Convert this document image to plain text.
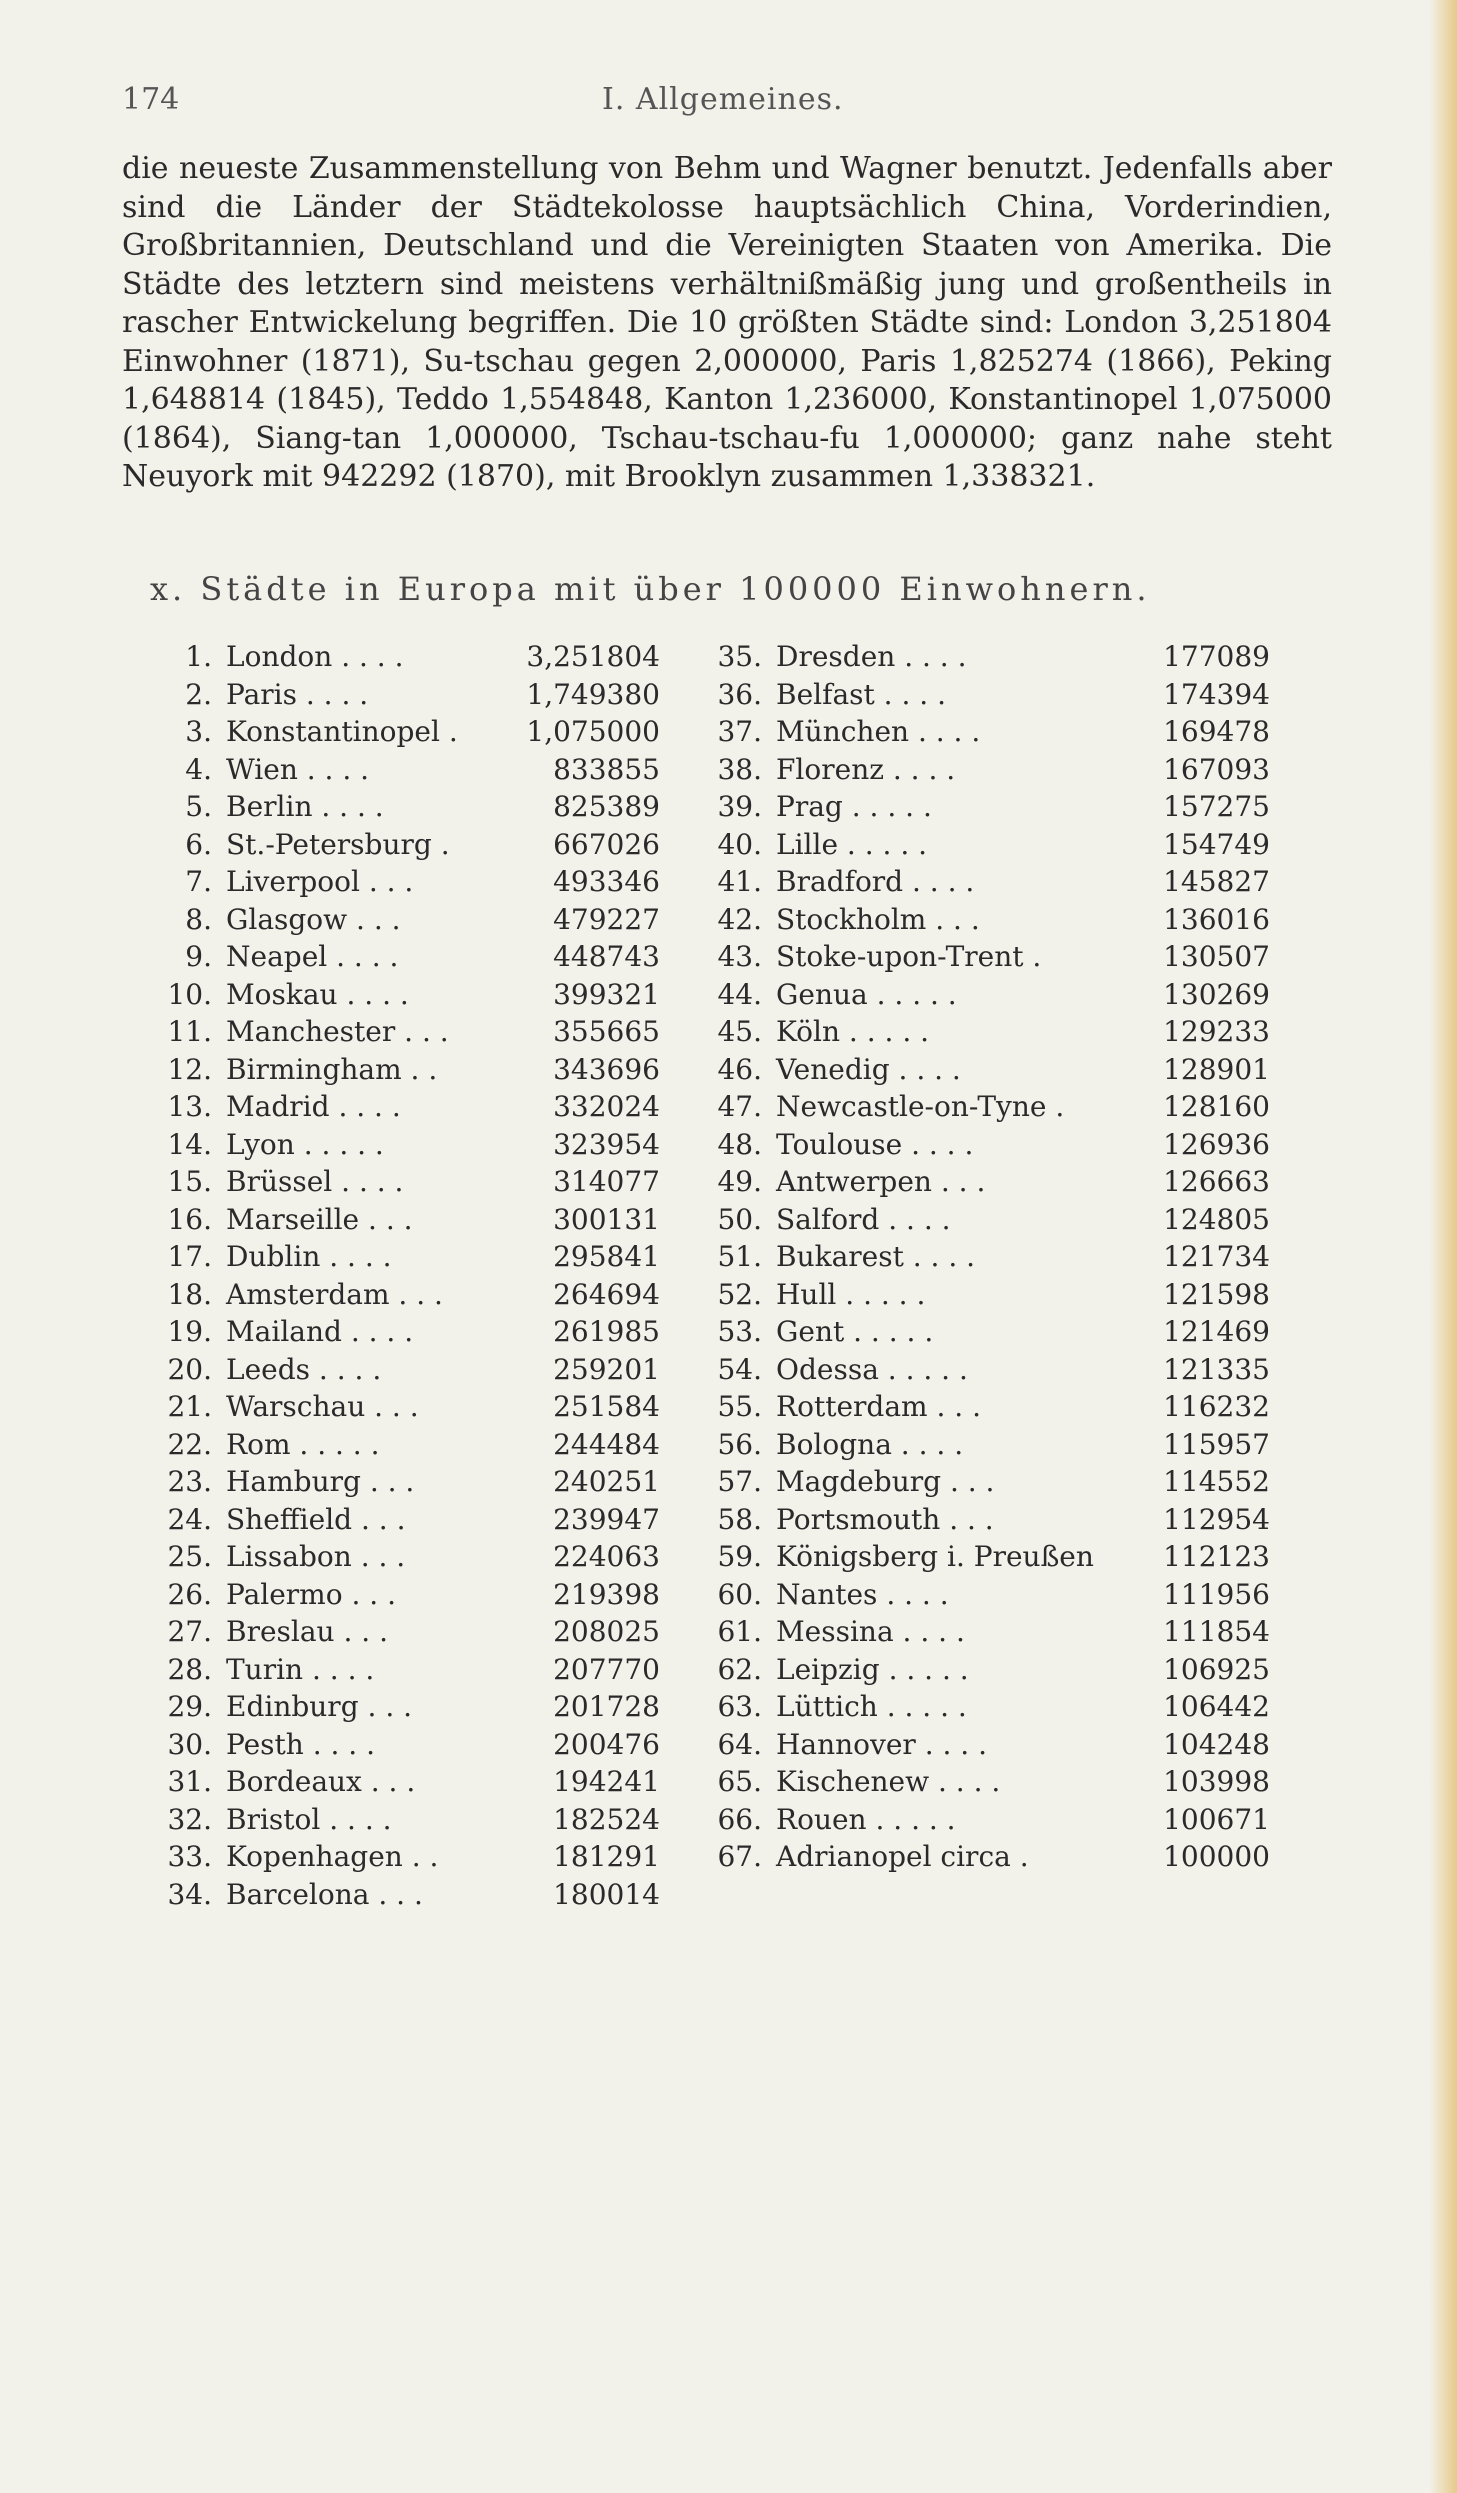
174	I. Allgemeines.
die neueste Zusammenstellung von Behm und Wagner benutzt. Jedenfalls aber sind die Länder der Städtekolosse hauptsächlich China, Vorderindien, Großbritannien, Deutschland und die Vereinigten Staaten von Amerika. Die Städte des letztern sind meistens verhältnißmäßig jung und großentheils in rascher Entwickelung begriffen. Die 10 größten Städte sind: London 3,251804 Einwohner (1871), Su-tschau gegen 2,000000, Paris 1,825274 (1866), Peking 1,648814 (1845), Teddo 1,554848, Kanton 1,236000, Konstantinopel 1,075000 (1864), Siang-tan 1,000000, Tschau-tschau-fu 1,000000; ganz nahe steht Neuyork mit 942292 (1870), mit Brooklyn zusammen 1,338321.
x. Städte in Europa mit über 100000 Einwohnern.
1. London . . . .	3,251804
2. Paris . . . .	1,749380
3. Konstantinopel . 1,075000
4. Wien . . . .	833855
5. Berlin . . . .	825389
6. St.-Petersburg .	667026
7. Liverpool . . .	493346
8. Glasgow . . .	479227
9. Neapel . . . .	448743
10. Moskau . . . .	399321
11. Manchester . . .	355665
12. Birmingham . .	343696
13. Madrid . . . .	332024
14. Lyon . . . . .	323954
15. Brüssel . . . .	314077
16. Marseille . . .	300131
17. Dublin . . . .	295841
18. Amsterdam . . .	264694
19. Mailand . . . .	261985
20. Leeds . . . .	259201
21. Warschau . . .	251584
22. Rom . . . . .	244484
23. Hamburg . . .	240251
24. Sheffield . . .	239947
25. Lissabon . . .	224063
26. Palermo . . .	219398
27. Breslau . . .	208025
28. Turin . . . .	207770
29. Edinburg . . .	201728
30. Pesth . . . .	200476
31. Bordeaux . . .	194241
32. Bristol . . . .	182524
33. Kopenhagen . .	181291
34. Barcelona . . .	180014
35. Dresden . . . .	177089
36. Belfast . . . .	174394
37. München . . . .	169478
38. Florenz . . . .	167093
39. Prag . . . . .	157275
40. Lille . . . . .	154749
41. Bradford . . . .	145827
42. Stockholm . . .	136016
43. Stoke-upon-Trent .	130507
44. Genua . . . . .	130269
45. Köln . . . . .	129233
46. Venedig . . . .	128901
47. Newcastle-on-Tyne .	128160
48. Toulouse . . . .	126936
49. Antwerpen . . .	126663
50. Salford . . . .	124805
51. Bukarest . . . .	121734
52. Hull . . . . .	121598
53. Gent . . . . .	121469
54. Odessa . . . . .	121335
55. Rotterdam . . .	116232
56. Bologna . . . .	115957
57. Magdeburg . . .	114552
58. Portsmouth . . .	112954
59. Königsberg i. Preußen 112123
60. Nantes . . . .	111956
61. Messina . . . .	111854
62. Leipzig . . . . .	106925
63. Lüttich . . . . .	106442
64. Hannover . . . .	104248
65. Kischenew . . . .	103998
66. Rouen . . . . .	100671
67. Adrianopel circa .	100000
